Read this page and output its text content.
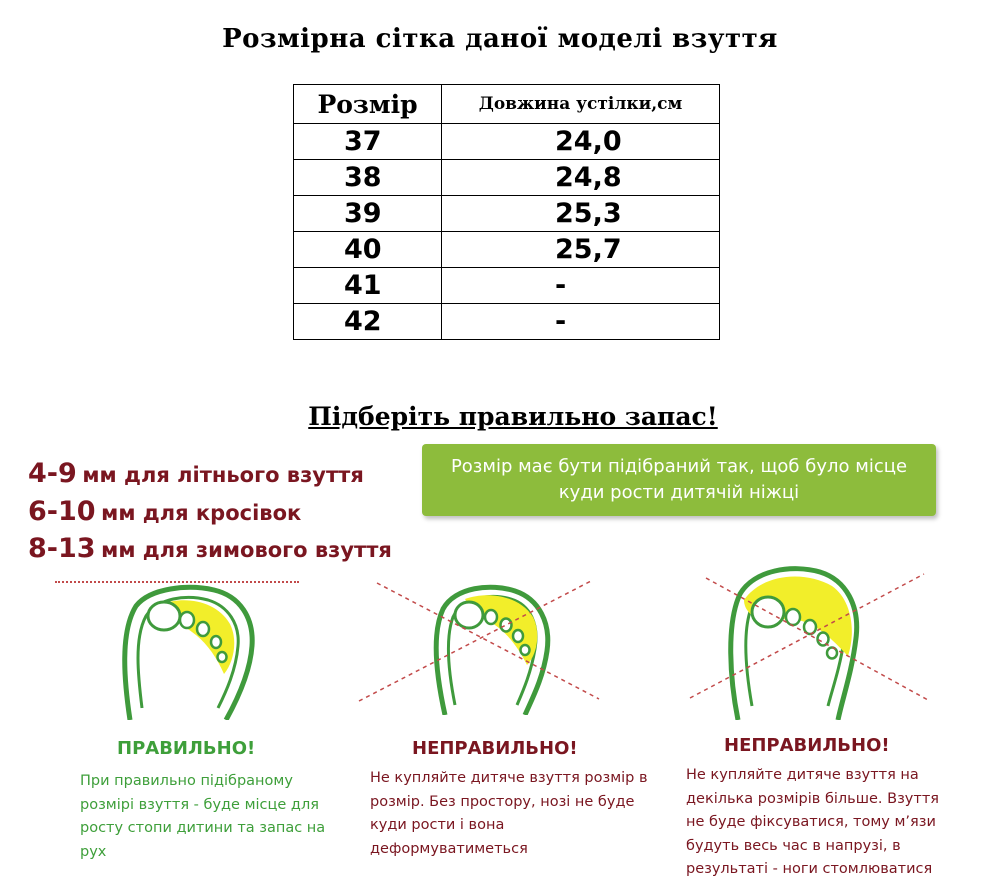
Розмірна сітка даної моделі взуття
Розмір	Довжина устілки,см
37	24,0
38	24,8
39	25,3
40	25,7
41	-
42	-
Підберіть правильно запас!
4-9 мм для літнього взуття
6-10 мм для кросівок
8-13 мм для зимового взуття
Розмір має бути підібраний так, щоб було місце куди рости дитячій ніжці
ПРАВИЛЬНО!	НЕПРАВИЛЬНО!	НЕПРАВИЛЬНО!
При правильно підібраному розмірі взуття - буде місце для росту стопи дитини та запас на рух
Не купляйте дитяче взуття розмір в розмір. Без простору, нозі не буде куди рости і вона деформуватиметься
Не купляйте дитяче взуття на декілька розмірів більше. Взуття не буде фіксуватися, тому м’язи будуть весь час в напрузі, в результаті - ноги стомлюватися
